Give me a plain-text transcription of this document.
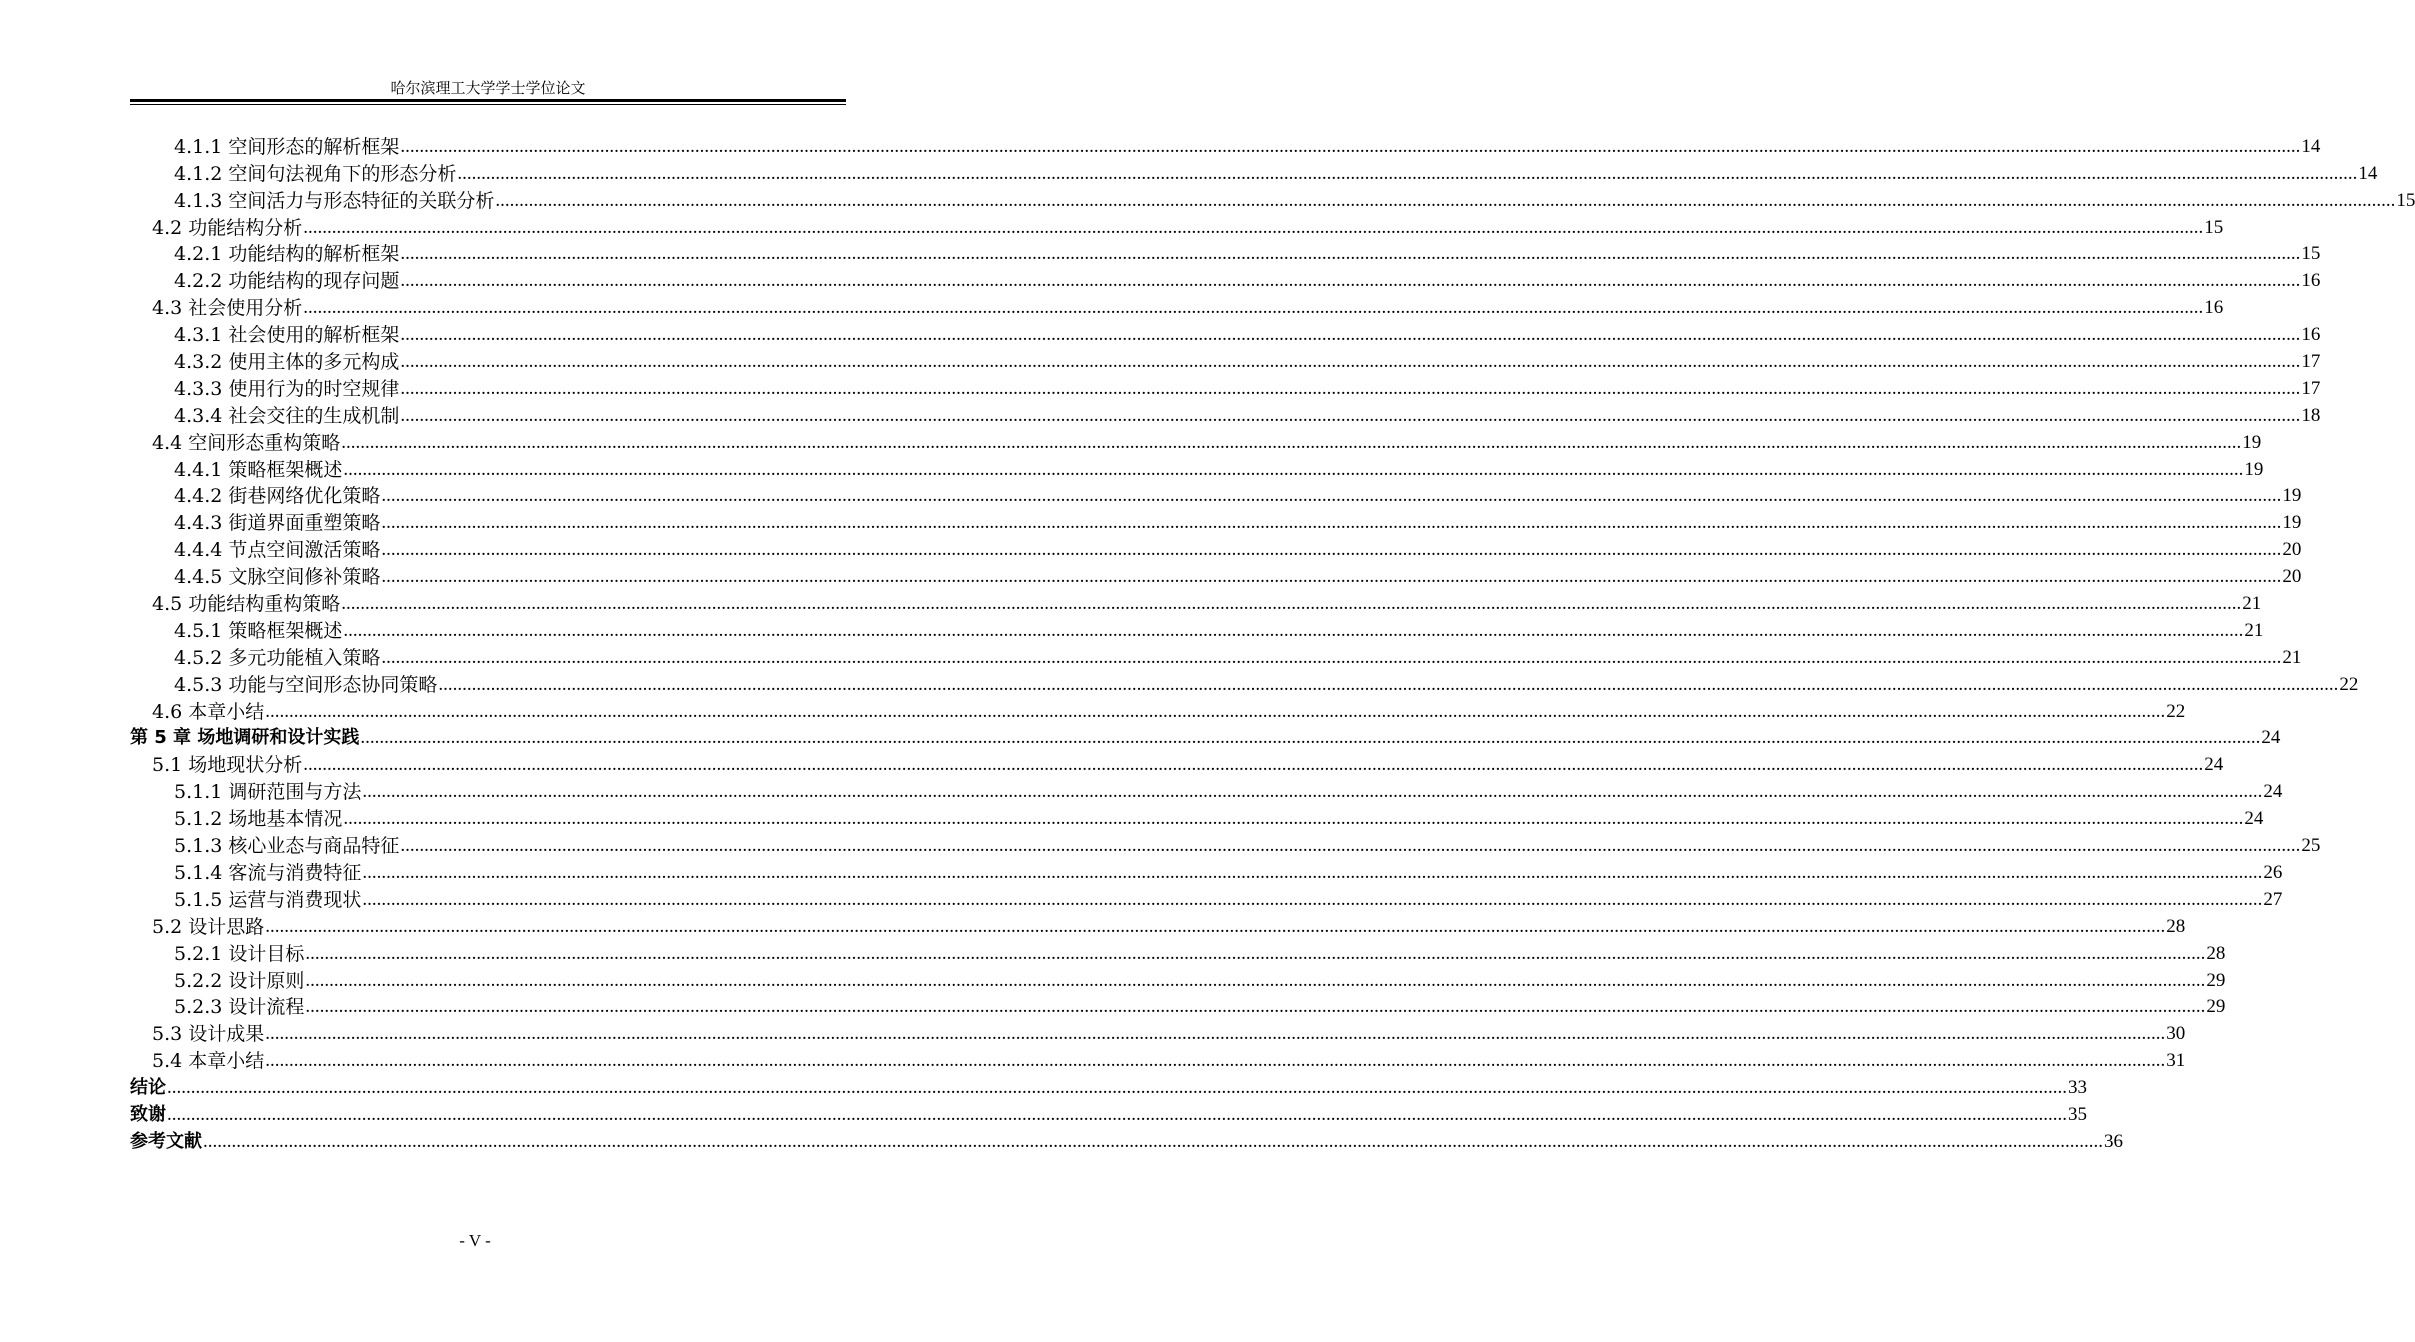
哈尔滨理工大学学士学位论文
4.1.1 空间形态的解析框架 ................................................................................................................................................................................................................................................................................................................................................................................................................ 14
4.1.2 空间句法视角下的形态分析 ................................................................................................................................................................................................................................................................................................................................................................................................................ 14
4.1.3 空间活力与形态特征的关联分析 ................................................................................................................................................................................................................................................................................................................................................................................................................ 15
4.2 功能结构分析 ................................................................................................................................................................................................................................................................................................................................................................................................................ 15
4.2.1 功能结构的解析框架 ................................................................................................................................................................................................................................................................................................................................................................................................................ 15
4.2.2 功能结构的现存问题 ................................................................................................................................................................................................................................................................................................................................................................................................................ 16
4.3 社会使用分析 ................................................................................................................................................................................................................................................................................................................................................................................................................ 16
4.3.1 社会使用的解析框架 ................................................................................................................................................................................................................................................................................................................................................................................................................ 16
4.3.2 使用主体的多元构成 ................................................................................................................................................................................................................................................................................................................................................................................................................ 17
4.3.3 使用行为的时空规律 ................................................................................................................................................................................................................................................................................................................................................................................................................ 17
4.3.4 社会交往的生成机制 ................................................................................................................................................................................................................................................................................................................................................................................................................ 18
4.4 空间形态重构策略 ................................................................................................................................................................................................................................................................................................................................................................................................................ 19
4.4.1 策略框架概述 ................................................................................................................................................................................................................................................................................................................................................................................................................ 19
4.4.2 街巷网络优化策略 ................................................................................................................................................................................................................................................................................................................................................................................................................ 19
4.4.3 街道界面重塑策略 ................................................................................................................................................................................................................................................................................................................................................................................................................ 19
4.4.4 节点空间激活策略 ................................................................................................................................................................................................................................................................................................................................................................................................................ 20
4.4.5 文脉空间修补策略 ................................................................................................................................................................................................................................................................................................................................................................................................................ 20
4.5 功能结构重构策略 ................................................................................................................................................................................................................................................................................................................................................................................................................ 21
4.5.1 策略框架概述 ................................................................................................................................................................................................................................................................................................................................................................................................................ 21
4.5.2 多元功能植入策略 ................................................................................................................................................................................................................................................................................................................................................................................................................ 21
4.5.3 功能与空间形态协同策略 ................................................................................................................................................................................................................................................................................................................................................................................................................ 22
4.6 本章小结 ................................................................................................................................................................................................................................................................................................................................................................................................................ 22
第 5 章 场地调研和设计实践 ................................................................................................................................................................................................................................................................................................................................................................................................................ 24
5.1 场地现状分析 ................................................................................................................................................................................................................................................................................................................................................................................................................ 24
5.1.1 调研范围与方法 ................................................................................................................................................................................................................................................................................................................................................................................................................ 24
5.1.2 场地基本情况 ................................................................................................................................................................................................................................................................................................................................................................................................................ 24
5.1.3 核心业态与商品特征 ................................................................................................................................................................................................................................................................................................................................................................................................................ 25
5.1.4 客流与消费特征 ................................................................................................................................................................................................................................................................................................................................................................................................................ 26
5.1.5 运营与消费现状 ................................................................................................................................................................................................................................................................................................................................................................................................................ 27
5.2 设计思路 ................................................................................................................................................................................................................................................................................................................................................................................................................ 28
5.2.1 设计目标 ................................................................................................................................................................................................................................................................................................................................................................................................................ 28
5.2.2 设计原则 ................................................................................................................................................................................................................................................................................................................................................................................................................ 29
5.2.3 设计流程 ................................................................................................................................................................................................................................................................................................................................................................................................................ 29
5.3 设计成果 ................................................................................................................................................................................................................................................................................................................................................................................................................ 30
5.4 本章小结 ................................................................................................................................................................................................................................................................................................................................................................................................................ 31
结论 ................................................................................................................................................................................................................................................................................................................................................................................................................ 33
致谢 ................................................................................................................................................................................................................................................................................................................................................................................................................ 35
参考文献 ................................................................................................................................................................................................................................................................................................................................................................................................................ 36
- V -
